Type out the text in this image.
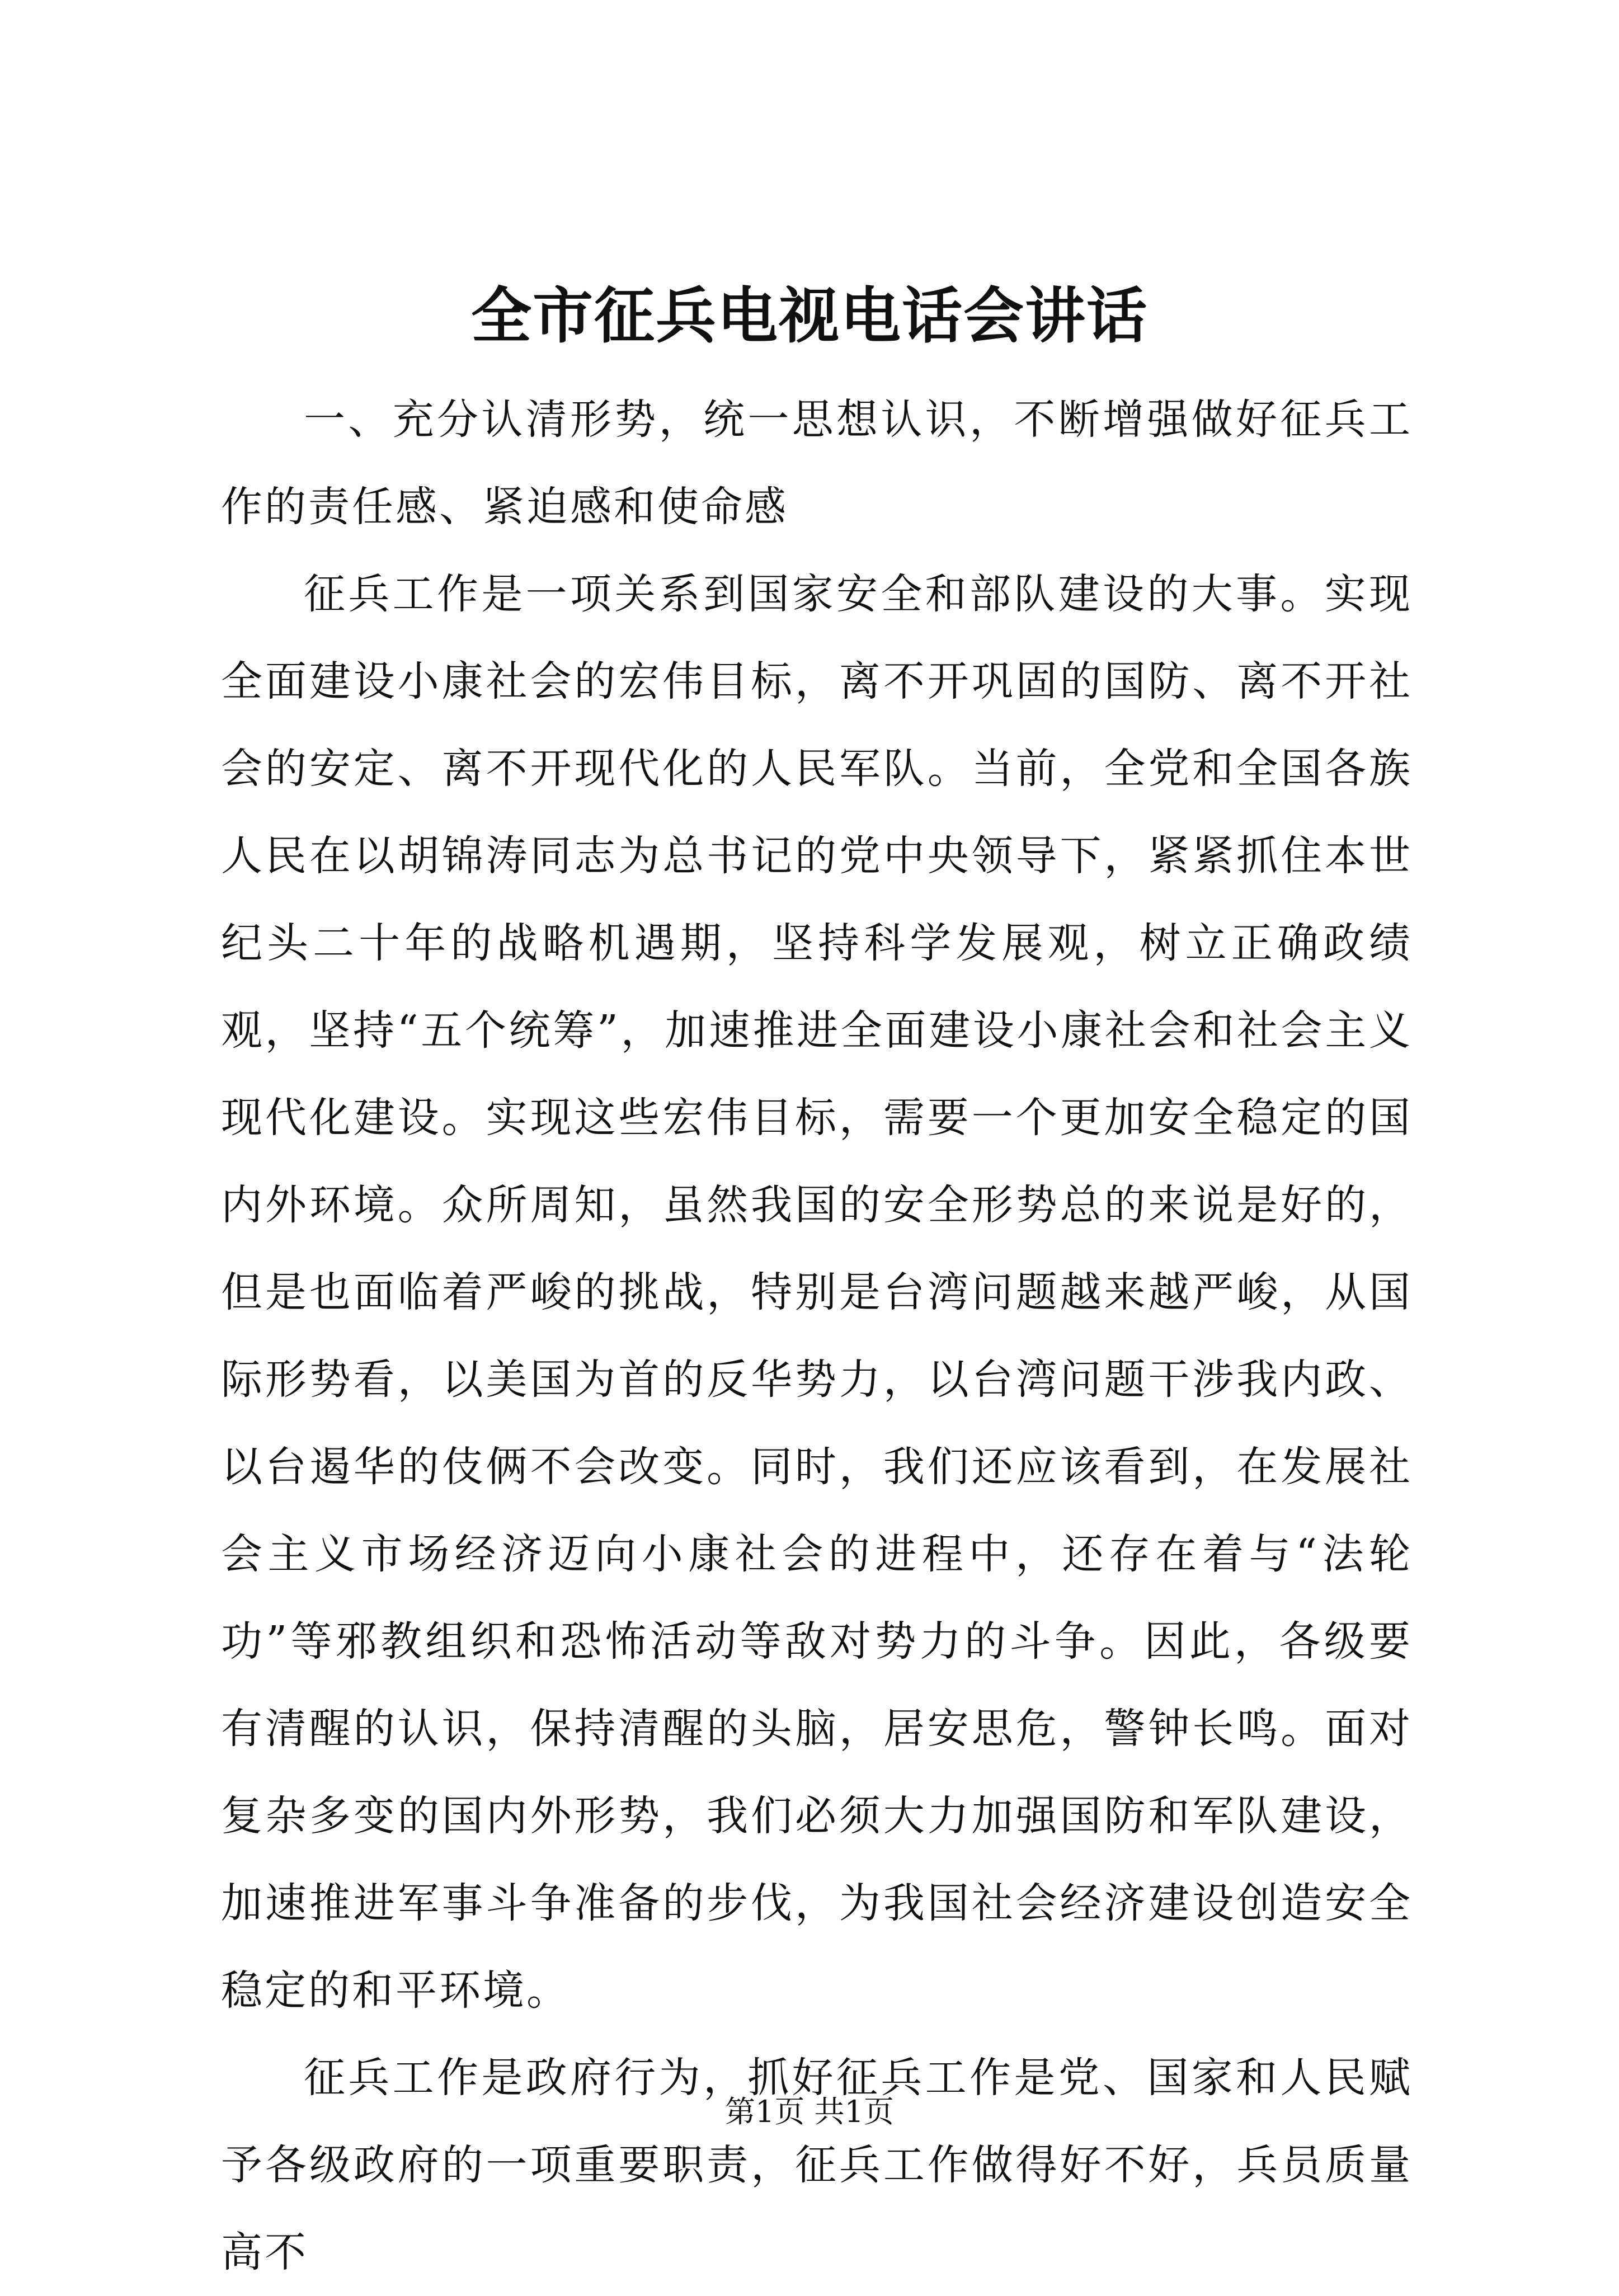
全市征兵电视电话会讲话

一、充分认清形势，统一思想认识，不断增强做好征兵工作的责任感、紧迫感和使命感

征兵工作是一项关系到国家安全和部队建设的大事。实现全面建设小康社会的宏伟目标，离不开巩固的国防、离不开社会的安定、离不开现代化的人民军队。当前，全党和全国各族人民在以胡锦涛同志为总书记的党中央领导下，紧紧抓住本世纪头二十年的战略机遇期，坚持科学发展观，树立正确政绩观，坚持“五个统筹”，加速推进全面建设小康社会和社会主义现代化建设。实现这些宏伟目标，需要一个更加安全稳定的国内外环境。众所周知，虽然我国的安全形势总的来说是好的，但是也面临着严峻的挑战，特别是台湾问题越来越严峻，从国际形势看，以美国为首的反华势力，以台湾问题干涉我内政、以台遏华的伎俩不会改变。同时，我们还应该看到，在发展社会主义市场经济迈向小康社会的进程中，还存在着与“法轮功”等邪教组织和恐怖活动等敌对势力的斗争。因此，各级要有清醒的认识，保持清醒的头脑，居安思危，警钟长鸣。面对复杂多变的国内外形势，我们必须大力加强国防和军队建设，加速推进军事斗争准备的步伐，为我国社会经济建设创造安全稳定的和平环境。

征兵工作是政府行为，抓好征兵工作是党、国家和人民赋予各级政府的一项重要职责，征兵工作做得好不好，兵员质量高不

第1页 共1页
